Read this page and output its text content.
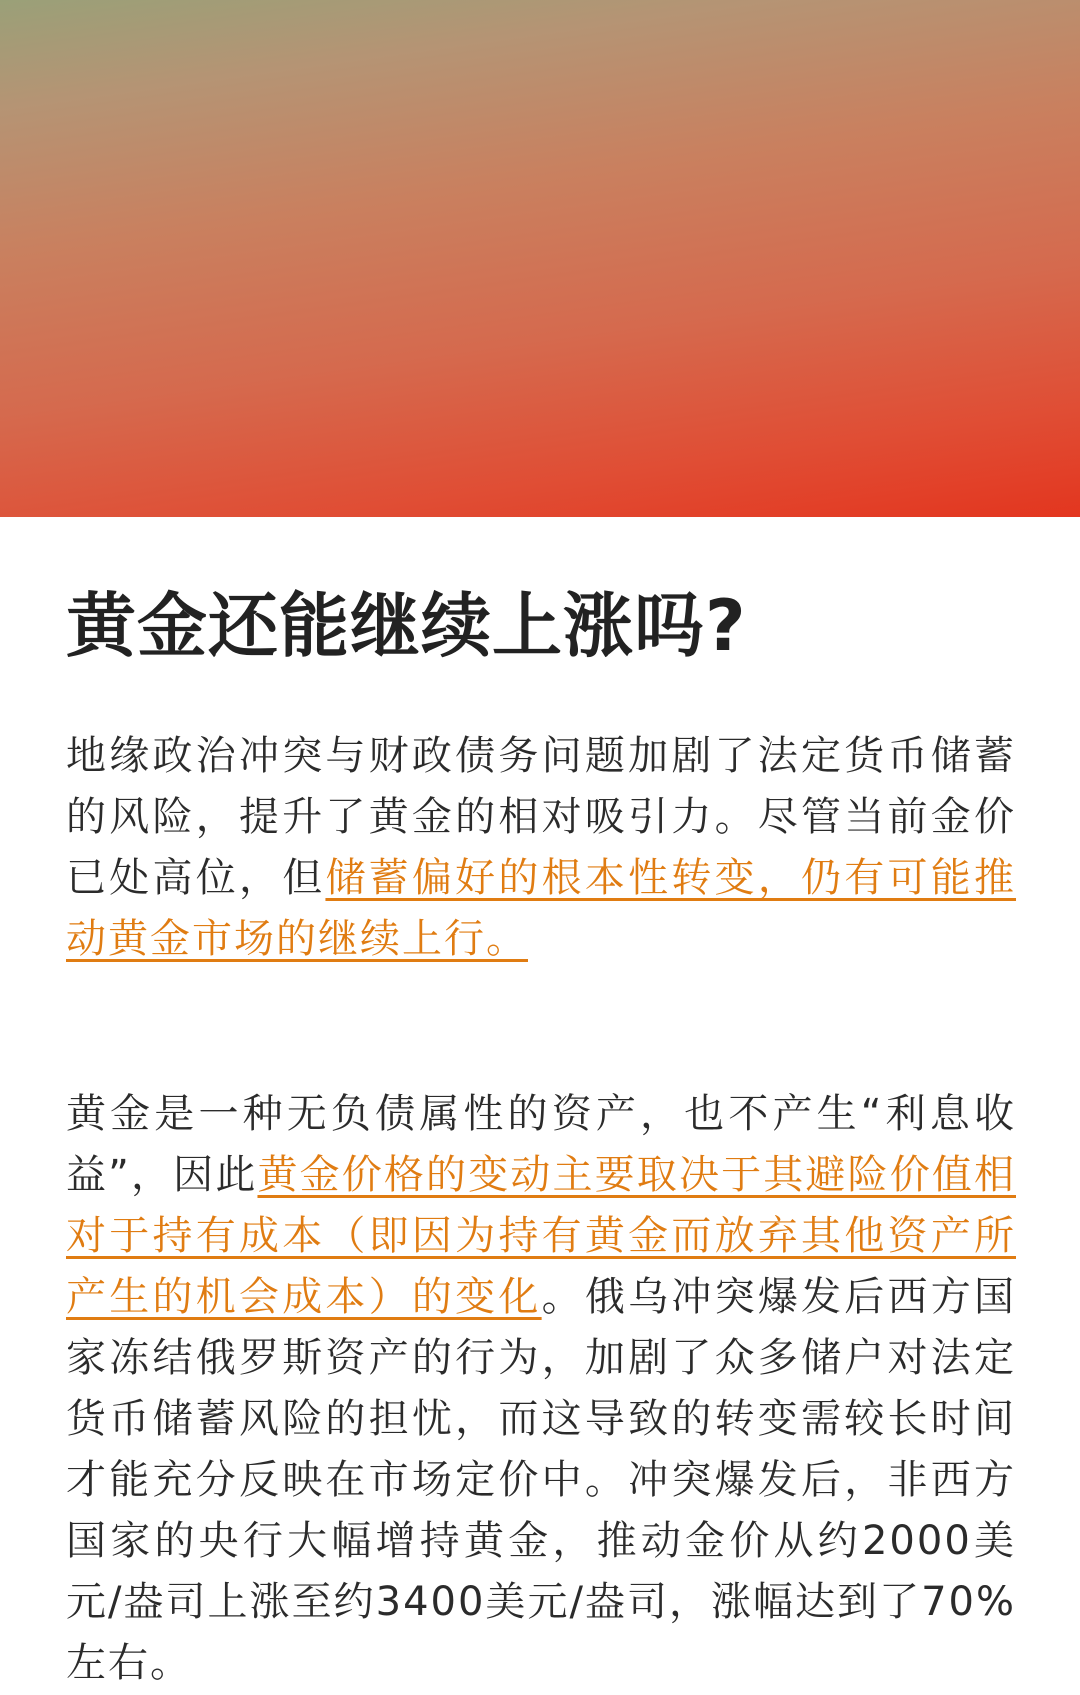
黄金还能继续上涨吗?

地缘政治冲突与财政债务问题加剧了法定货币储蓄的风险，提升了黄金的相对吸引力。尽管当前金价已处高位，但储蓄偏好的根本性转变，仍有可能推动黄金市场的继续上行。

黄金是一种无负债属性的资产，也不产生“利息收益”，因此黄金价格的变动主要取决于其避险价值相对于持有成本（即因为持有黄金而放弃其他资产所产生的机会成本）的变化。俄乌冲突爆发后西方国家冻结俄罗斯资产的行为，加剧了众多储户对法定货币储蓄风险的担忧，而这导致的转变需较长时间才能充分反映在市场定价中。冲突爆发后，非西方国家的央行大幅增持黄金，推动金价从约2000美元/盎司上涨至约3400美元/盎司，涨幅达到了70%左右。
